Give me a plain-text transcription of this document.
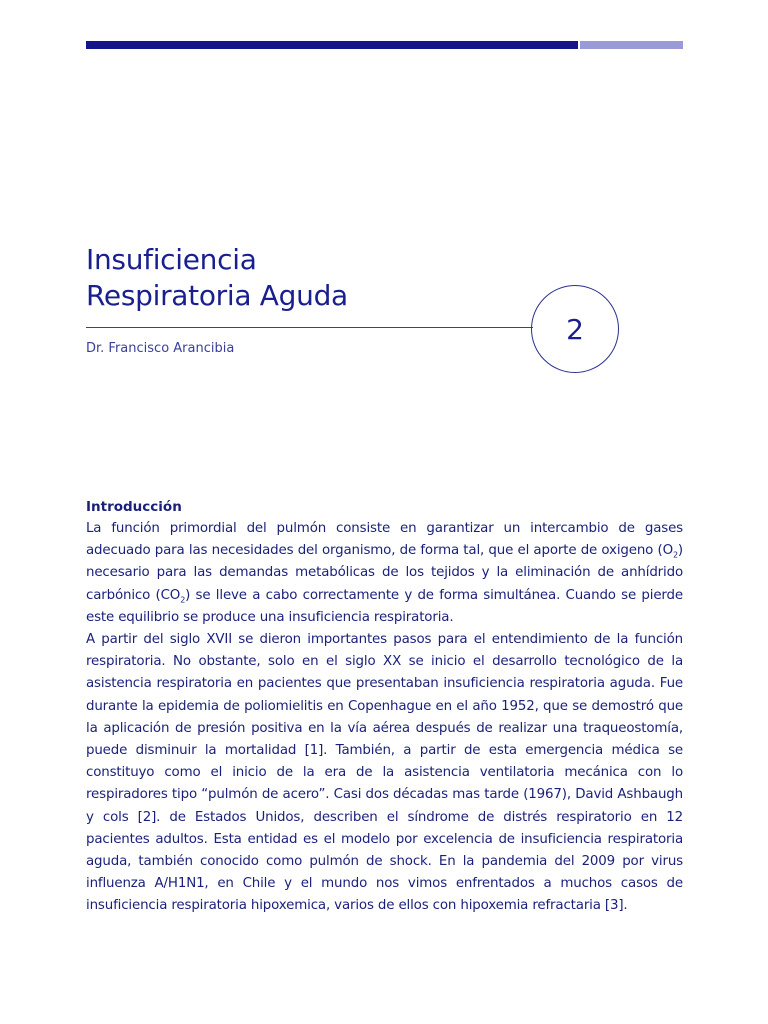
Insuficiencia
Respiratoria Aguda
2
Dr. Francisco Arancibia

Introducción

La función primordial del pulmón consiste en garantizar un intercambio de gases adecuado para las necesidades del organismo, de forma tal, que el aporte de oxigeno $(O_2)$ necesario para las demandas metabólicas de los tejidos y la eliminación de anhídrido carbónico $(CO_2)$ se lleve a cabo correctamente y de forma simultánea. Cuando se pierde este equilibrio se produce una insuficiencia respiratoria.

A partir del siglo XVII se dieron importantes pasos para el entendimiento de la función respiratoria. No obstante, solo en el siglo XX se inicio el desarrollo tecnológico de la asistencia respiratoria en pacientes que presentaban insuficiencia respiratoria aguda. Fue durante la epidemia de poliomielitis en Copenhague en el año 1952, que se demostró que la aplicación de presión positiva en la vía aérea después de realizar una traqueostomía, puede disminuir la mortalidad [1]. También, a partir de esta emergencia médica se constituyo como el inicio de la era de la asistencia ventilatoria mecánica con lo respiradores tipo “pulmón de acero”. Casi dos décadas mas tarde (1967), David Ashbaugh y cols [2]. de Estados Unidos, describen el síndrome de distrés respiratorio en 12 pacientes adultos. Esta entidad es el modelo por excelencia de insuficiencia respiratoria aguda, también conocido como pulmón de shock. En la pandemia del 2009 por virus influenza A/H1N1, en Chile y el mundo nos vimos enfrentados a muchos casos de insuficiencia respiratoria hipoxemica, varios de ellos con hipoxemia refractaria [3].
